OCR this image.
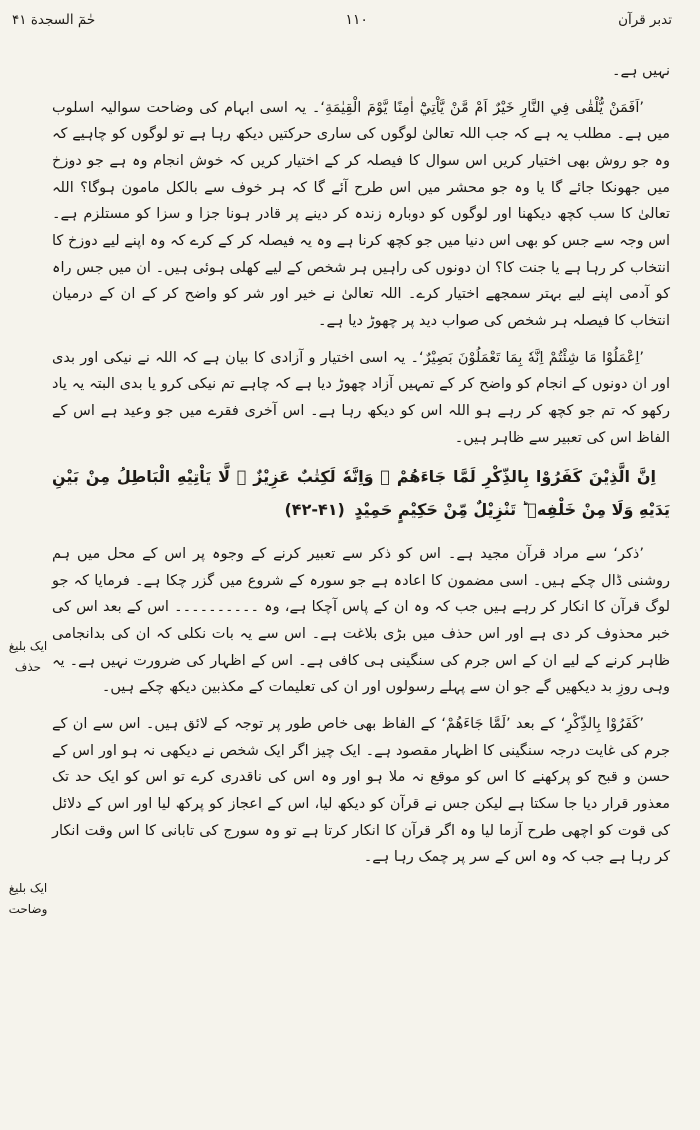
تدبر قرآن
۱۱۰
حٰمٓ السجدة ۴۱
ایک بلیغ حذف
ایک بلیغ وضاحت

نہیں ہے۔

’اَفَمَنْ يُّلْقٰى فِي النَّارِ خَيْرٌ اَمْ مَّنْ يَّاْتِيْٓ اٰمِنًا يَّوْمَ الْقِيٰمَةِ‘۔ یہ اسی ابہام کی وضاحت سوالیہ اسلوب میں ہے۔ مطلب یہ ہے کہ جب اللہ تعالیٰ لوگوں کی ساری حرکتیں دیکھ رہا ہے تو لوگوں کو چاہیے کہ وہ جو روش بھی اختیار کریں اس سوال کا فیصلہ کر کے اختیار کریں کہ خوش انجام وہ ہے جو دوزخ میں جھونکا جائے گا یا وہ جو محشر میں اس طرح آئے گا کہ ہر خوف سے بالکل مامون ہوگا؟ اللہ تعالیٰ کا سب کچھ دیکھنا اور لوگوں کو دوبارہ زندہ کر دینے پر قادر ہونا جزا و سزا کو مستلزم ہے۔ اس وجہ سے جس کو بھی اس دنیا میں جو کچھ کرنا ہے وہ یہ فیصلہ کر کے کرے کہ وہ اپنے لیے دوزخ کا انتخاب کر رہا ہے یا جنت کا؟ ان دونوں کی راہیں ہر شخص کے لیے کھلی ہوئی ہیں۔ ان میں جس راہ کو آدمی اپنے لیے بہتر سمجھے اختیار کرے۔ اللہ تعالیٰ نے خیر اور شر کو واضح کر کے ان کے درمیان انتخاب کا فیصلہ ہر شخص کی صواب دید پر چھوڑ دیا ہے۔

’اِعْمَلُوْا مَا شِئْتُمْ اِنَّهٗ بِمَا تَعْمَلُوْنَ بَصِيْرٌ‘۔ یہ اسی اختیار و آزادی کا بیان ہے کہ اللہ نے نیکی اور بدی اور ان دونوں کے انجام کو واضح کر کے تمہیں آزاد چھوڑ دیا ہے کہ چاہے تم نیکی کرو یا بدی البتہ یہ یاد رکھو کہ تم جو کچھ کر رہے ہو اللہ اس کو دیکھ رہا ہے۔ اس آخری فقرے میں جو وعید ہے اس کے الفاظ اس کی تعبیر سے ظاہر ہیں۔

اِنَّ الَّذِيْنَ كَفَرُوْا بِالذِّكْرِ لَمَّا جَاءَهُمْ ۚ وَاِنَّهٗ لَكِتٰبٌ عَزِيْزٌ ۙ لَّا يَاْتِيْهِ الْبَاطِلُ مِنْ بَيْنِ يَدَيْهِ وَلَا مِنْ خَلْفِهٖ ؕ تَنْزِيْلٌ مِّنْ حَكِيْمٍ حَمِيْدٍ (۴۱-۴۲)

’ذکر‘ سے مراد قرآن مجید ہے۔ اس کو ذکر سے تعبیر کرنے کے وجوہ پر اس کے محل میں ہم روشنی ڈال چکے ہیں۔ اسی مضمون کا اعادہ ہے جو سورہ کے شروع میں گزر چکا ہے۔ فرمایا کہ جو لوگ قرآن کا انکار کر رہے ہیں جب کہ وہ ان کے پاس آچکا ہے، وہ ۔۔۔۔۔۔۔۔۔۔ اس کے بعد اس کی خبر محذوف کر دی ہے اور اس حذف میں بڑی بلاغت ہے۔ اس سے یہ بات نکلی کہ ان کی بدانجامی ظاہر کرنے کے لیے ان کے اس جرم کی سنگینی ہی کافی ہے۔ اس کے اظہار کی ضرورت نہیں ہے۔ یہ وہی روزِ بد دیکھیں گے جو ان سے پہلے رسولوں اور ان کی تعلیمات کے مکذبین دیکھ چکے ہیں۔

’كَفَرُوْا بِالذِّكْرِ‘ کے بعد ’لَمَّا جَاءَهُمْ‘ کے الفاظ بھی خاص طور پر توجہ کے لائق ہیں۔ اس سے ان کے جرم کی غایت درجہ سنگینی کا اظہار مقصود ہے۔ ایک چیز اگر ایک شخص نے دیکھی نہ ہو اور اس کے حسن و قبح کو پرکھنے کا اس کو موقع نہ ملا ہو اور وہ اس کی ناقدری کرے تو اس کو ایک حد تک معذور قرار دیا جا سکتا ہے لیکن جس نے قرآن کو دیکھ لیا، اس کے اعجاز کو پرکھ لیا اور اس کے دلائل کی قوت کو اچھی طرح آزما لیا وہ اگر قرآن کا انکار کرتا ہے تو وہ سورج کی تابانی کا اس وقت انکار کر رہا ہے جب کہ وہ اس کے سر پر چمک رہا ہے۔
